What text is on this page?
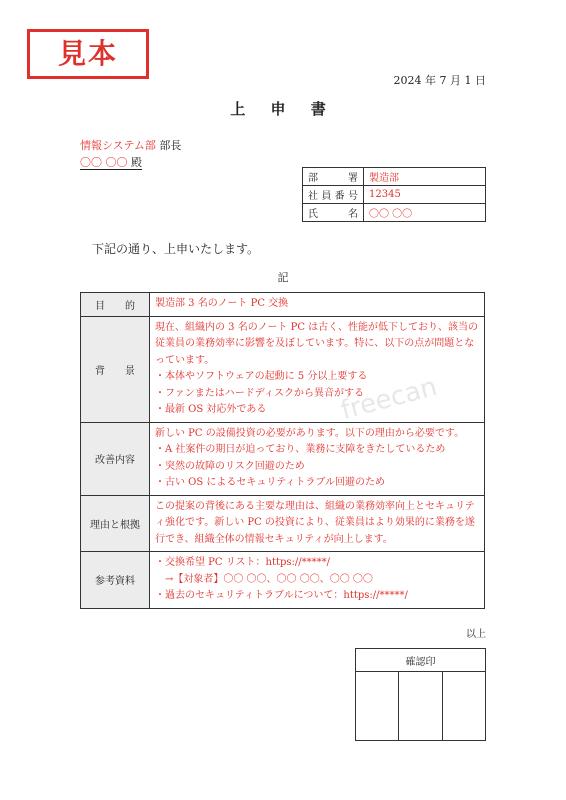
見本
freecan
2024 年 7 月 1 日
上 申 書
情報システム部 部長
〇〇 〇〇 殿
部署	製造部
社員番号	12345
氏名	〇〇 〇〇
下記の通り、上申いたします。
記
目　　的	製造部 3 名のノート PC 交換

背　　景	現在、組織内の 3 名のノート PC は古く、性能が低下しており、該当の従業員の業務効率に影響を及ぼしています。特に、以下の点が問題となっています。
・本体やソフトウェアの起動に 5 分以上要する
・ファンまたはハードディスクから異音がする
・最新 OS 対応外である

改善内容	新しい PC の設備投資の必要があります。以下の理由から必要です。
・A 社案件の期日が迫っており、業務に支障をきたしているため
・突然の故障のリスク回避のため
・古い OS によるセキュリティトラブル回避のため

理由と根拠	この提案の背後にある主要な理由は、組織の業務効率向上とセキュリティ強化です。新しい PC の投資により、従業員はより効果的に業務を遂行でき、組織全体の情報セキュリティが向上します。

参考資料	・交換希望 PC リスト：https://*****/
　→【対象者】〇〇 〇〇、〇〇 〇〇、〇〇 〇〇
・過去のセキュリティトラブルについて：https://*****/
以上
確認印
